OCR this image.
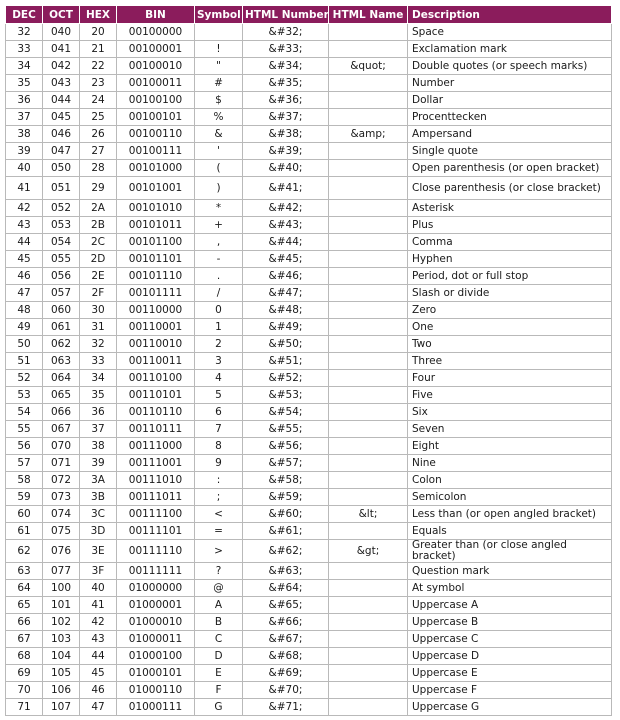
DEC	OCT	HEX	BIN	Symbol	HTML Number	HTML Name	Description
32	040	20	00100000		&#32;		Space
33	041	21	00100001	!	&#33;		Exclamation mark
34	042	22	00100010	"	&#34;	&quot;	Double quotes (or speech marks)
35	043	23	00100011	#	&#35;		Number
36	044	24	00100100	$	&#36;		Dollar
37	045	25	00100101	%	&#37;		Procenttecken
38	046	26	00100110	&	&#38;	&amp;	Ampersand
39	047	27	00100111	'	&#39;		Single quote
40	050	28	00101000	(	&#40;		Open parenthesis (or open bracket)
41	051	29	00101001	)	&#41;		Close parenthesis (or close bracket)
42	052	2A	00101010	*	&#42;		Asterisk
43	053	2B	00101011	+	&#43;		Plus
44	054	2C	00101100	,	&#44;		Comma
45	055	2D	00101101	-	&#45;		Hyphen
46	056	2E	00101110	.	&#46;		Period, dot or full stop
47	057	2F	00101111	/	&#47;		Slash or divide
48	060	30	00110000	0	&#48;		Zero
49	061	31	00110001	1	&#49;		One
50	062	32	00110010	2	&#50;		Two
51	063	33	00110011	3	&#51;		Three
52	064	34	00110100	4	&#52;		Four
53	065	35	00110101	5	&#53;		Five
54	066	36	00110110	6	&#54;		Six
55	067	37	00110111	7	&#55;		Seven
56	070	38	00111000	8	&#56;		Eight
57	071	39	00111001	9	&#57;		Nine
58	072	3A	00111010	:	&#58;		Colon
59	073	3B	00111011	;	&#59;		Semicolon
60	074	3C	00111100	<	&#60;	&lt;	Less than (or open angled bracket)
61	075	3D	00111101	=	&#61;		Equals
62	076	3E	00111110	>	&#62;	&gt;	Greater than (or close angled bracket)
63	077	3F	00111111	?	&#63;		Question mark
64	100	40	01000000	@	&#64;		At symbol
65	101	41	01000001	A	&#65;		Uppercase A
66	102	42	01000010	B	&#66;		Uppercase B
67	103	43	01000011	C	&#67;		Uppercase C
68	104	44	01000100	D	&#68;		Uppercase D
69	105	45	01000101	E	&#69;		Uppercase E
70	106	46	01000110	F	&#70;		Uppercase F
71	107	47	01000111	G	&#71;		Uppercase G
